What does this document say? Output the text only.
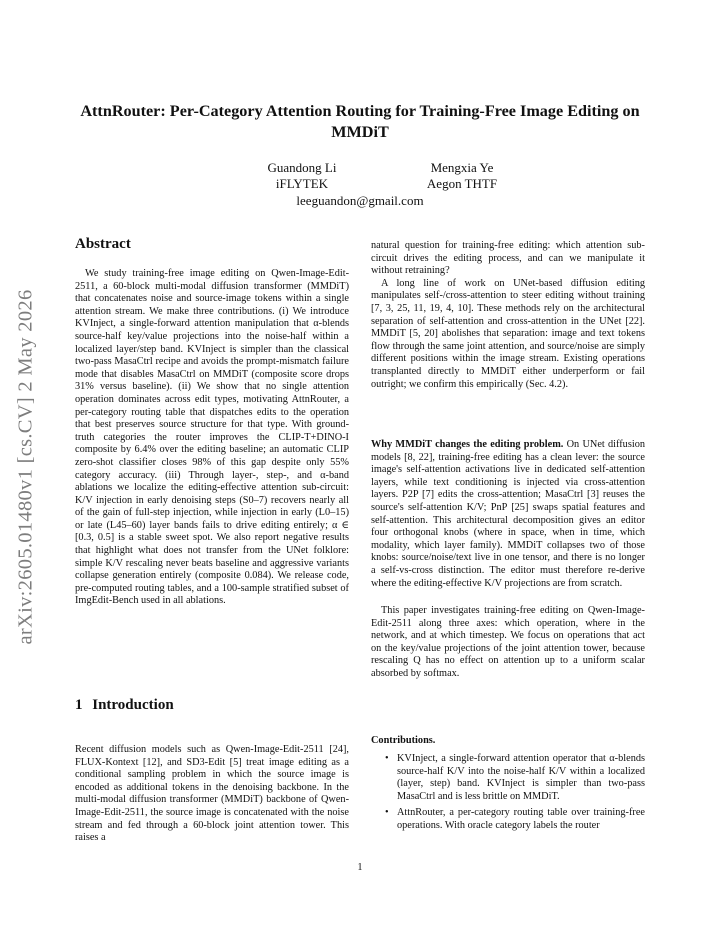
arXiv:2605.01480v1 [cs.CV] 2 May 2026
AttnRouter: Per-Category Attention Routing for Training-Free Image Editing on MMDiT
Guandong Li
iFLYTEK
Mengxia Ye
Aegon THTF
leeguandon@gmail.com
Abstract

We study training-free image editing on Qwen-Image-Edit-2511, a 60-block multi-modal diffusion transformer (MMDiT) that concatenates noise and source-image tokens within a single attention stream. We make three contributions. (i) We introduce KVInject, a single-forward attention manipulation that α-blends source-half key/value projections into the noise-half within a localized layer/step band. KVInject is simpler than the classical two-pass MasaCtrl recipe and avoids the prompt-mismatch failure mode that disables MasaCtrl on MMDiT (composite score drops 31% versus baseline). (ii) We show that no single attention operation dominates across edit types, motivating AttnRouter, a per-category routing table that dispatches edits to the operation that best preserves source structure for that type. With ground-truth categories the router improves the CLIP-T+DINO-I composite by 6.4% over the editing baseline; an automatic CLIP zero-shot classifier closes 98% of this gap despite only 55% category accuracy. (iii) Through layer-, step-, and α-band ablations we localize the editing-effective attention sub-circuit: K/V injection in early denoising steps (S0–7) recovers nearly all of the gain of full-step injection, while injection in early (L0–15) or late (L45–60) layer bands fails to drive editing entirely; α ∈ [0.3, 0.5] is a stable sweet spot. We also report negative results that highlight what does not transfer from the UNet folklore: simple K/V rescaling never beats baseline and aggressive variants collapse generation entirely (composite 0.084). We release code, pre-computed routing tables, and a 100-sample stratified subset of ImgEdit-Bench used in all ablations.

1 Introduction

Recent diffusion models such as Qwen-Image-Edit-2511 [24], FLUX-Kontext [12], and SD3-Edit [5] treat image editing as a conditional sampling problem in which the source image is encoded as additional tokens in the denoising backbone. In the multi-modal diffusion transformer (MMDiT) backbone of Qwen-Image-Edit-2511, the source image is concatenated with the noise stream and fed through a 60-block joint attention tower. This raises a

natural question for training-free editing: which attention sub-circuit drives the editing process, and can we manipulate it without retraining?

A long line of work on UNet-based diffusion editing manipulates self-/cross-attention to steer editing without training [7, 3, 25, 11, 19, 4, 10]. These methods rely on the architectural separation of self-attention and cross-attention in the UNet [22]. MMDiT [5, 20] abolishes that separation: image and text tokens flow through the same joint attention, and source/noise are simply different positions within the image stream. Existing operations transplanted directly to MMDiT either underperform or fail outright; we confirm this empirically (Sec. 4.2).

Why MMDiT changes the editing problem. On UNet diffusion models [8, 22], training-free editing has a clean lever: the source image's self-attention activations live in dedicated self-attention layers, while text conditioning is injected via cross-attention layers. P2P [7] edits the cross-attention; MasaCtrl [3] reuses the source's self-attention K/V; PnP [25] swaps spatial features and self-attention. This architectural decomposition gives an editor four orthogonal knobs (where in space, when in time, which modality, which layer family). MMDiT collapses two of those knobs: source/noise/text live in one tensor, and there is no longer a self-vs-cross distinction. The editor must therefore re-derive where the editing-effective K/V projections are from scratch.

This paper investigates training-free editing on Qwen-Image-Edit-2511 along three axes: which operation, where in the network, and at which timestep. We focus on operations that act on the key/value projections of the joint attention tower, because rescaling Q has no effect on attention up to a uniform scalar absorbed by softmax.

Contributions.
• KVInject, a single-forward attention operator that α-blends source-half K/V into the noise-half K/V within a localized (layer, step) band. KVInject is simpler than two-pass MasaCtrl and is less brittle on MMDiT.
• AttnRouter, a per-category routing table over training-free operations. With oracle category labels the router
1
